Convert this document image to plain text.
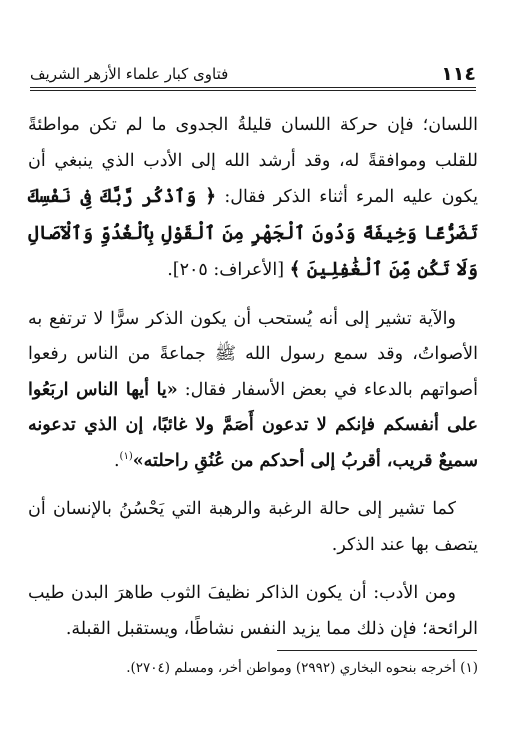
١١٤
فتاوى كبار علماء الأزهر الشريف

اللسان؛ فإن حركة اللسان قليلةُ الجدوى ما لم تكن مواطئةً للقلب وموافقةً له، وقد أرشد الله إلى الأدب الذي ينبغي أن يكون عليه المرء أثناء الذكر فقال: ﴿ وَٱذْكُر رَّبَّكَ فِى نَفْسِكَ تَضَرُّعًا وَخِيفَةً وَدُونَ ٱلْجَهْرِ مِنَ ٱلْقَوْلِ بِٱلْغُدُوِّ وَٱلْآصَالِ وَلَا تَكُن مِّنَ ٱلْغَٰفِلِينَ ﴾ [الأعراف: ٢٠٥].

والآية تشير إلى أنه يُستحب أن يكون الذكر سرًّا لا ترتفع به الأصواتُ، وقد سمع رسول الله ﷺ جماعةً من الناس رفعوا أصواتهم بالدعاء في بعض الأسفار فقال: «يا أيها الناس اربَعُوا على أنفسكم فإنكم لا تدعون أَصَمَّ ولا غائبًا، إن الذي تدعونه سميعٌ قريب، أقربُ إلى أحدكم من عُنُقِ راحلته»$^{(١)}$.

كما تشير إلى حالة الرغبة والرهبة التي يَحْسُنُ بالإنسان أن يتصف بها عند الذكر.

ومن الأدب: أن يكون الذاكر نظيفَ الثوب طاهرَ البدن طيب الرائحة؛ فإن ذلك مما يزيد النفس نشاطًا، ويستقبل القبلة.

(١) أخرجه بنحوه البخاري (٢٩٩٢) ومواطن أخر، ومسلم (٢٧٠٤).
